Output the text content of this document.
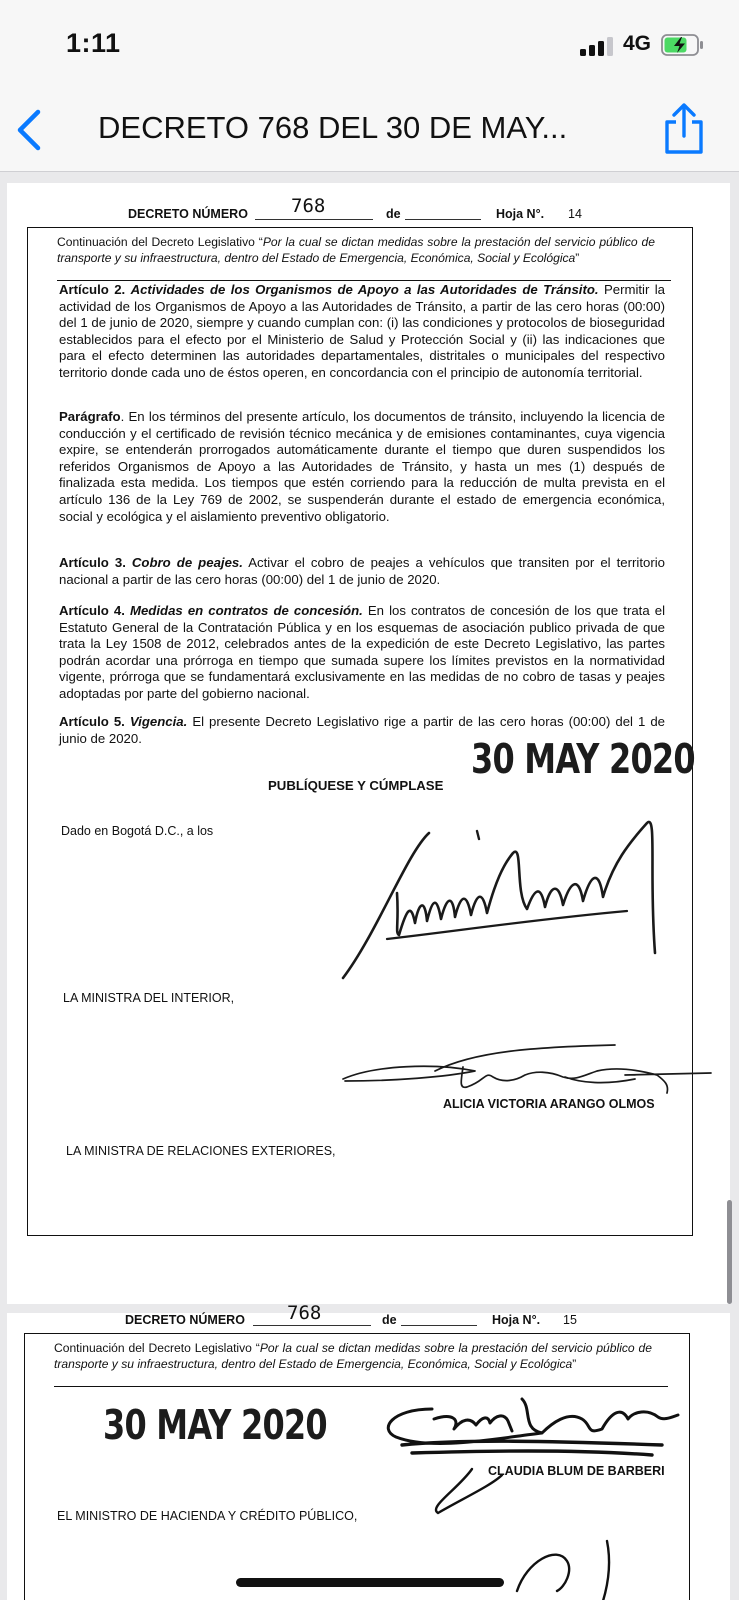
1:11	4G
DECRETO 768 DEL 30 DE MAY...
DECRETO NÚMERO 768	de	Hoja N°. 14
Continuación del Decreto Legislativo “Por la cual se dictan medidas sobre la prestación del servicio público de transporte y su infraestructura, dentro del Estado de Emergencia, Económica, Social y Ecológica”
Artículo 2. Actividades de los Organismos de Apoyo a las Autoridades de Tránsito. Permitir la actividad de los Organismos de Apoyo a las Autoridades de Tránsito, a partir de las cero horas (00:00) del 1 de junio de 2020, siempre y cuando cumplan con: (i) las condiciones y protocolos de bioseguridad establecidos para el efecto por el Ministerio de Salud y Protección Social y (ii) las indicaciones que para el efecto determinen las autoridades departamentales, distritales o municipales del respectivo territorio donde cada uno de éstos operen, en concordancia con el principio de autonomía territorial.
Parágrafo. En los términos del presente artículo, los documentos de tránsito, incluyendo la licencia de conducción y el certificado de revisión técnico mecánica y de emisiones contaminantes, cuya vigencia expire, se entenderán prorrogados automáticamente durante el tiempo que duren suspendidos los referidos Organismos de Apoyo a las Autoridades de Tránsito, y hasta un mes (1) después de finalizada esta medida. Los tiempos que estén corriendo para la reducción de multa prevista en el artículo 136 de la Ley 769 de 2002, se suspenderán durante el estado de emergencia económica, social y ecológica y el aislamiento preventivo obligatorio.
Artículo 3. Cobro de peajes. Activar el cobro de peajes a vehículos que transiten por el territorio nacional a partir de las cero horas (00:00) del 1 de junio de 2020.
Artículo 4. Medidas en contratos de concesión. En los contratos de concesión de los que trata el Estatuto General de la Contratación Pública y en los esquemas de asociación publico privada de que trata la Ley 1508 de 2012, celebrados antes de la expedición de este Decreto Legislativo, las partes podrán acordar una prórroga en tiempo que sumada supere los límites previstos en la normatividad vigente, prórroga que se fundamentará exclusivamente en las medidas de no cobro de tasas y peajes adoptadas por parte del gobierno nacional.
Artículo 5. Vigencia. El presente Decreto Legislativo rige a partir de las cero horas (00:00) del 1 de junio de 2020.	30 MAY 2020
PUBLÍQUESE Y CÚMPLASE
Dado en Bogotá D.C., a los
LA MINISTRA DEL INTERIOR,
ALICIA VICTORIA ARANGO OLMOS
LA MINISTRA DE RELACIONES EXTERIORES,
DECRETO NÚMERO 768	de	Hoja N°. 15
Continuación del Decreto Legislativo “Por la cual se dictan medidas sobre la prestación del servicio público de transporte y su infraestructura, dentro del Estado de Emergencia, Económica, Social y Ecológica”
30 MAY 2020
CLAUDIA BLUM DE BARBERI
EL MINISTRO DE HACIENDA Y CRÉDITO PÚBLICO,
